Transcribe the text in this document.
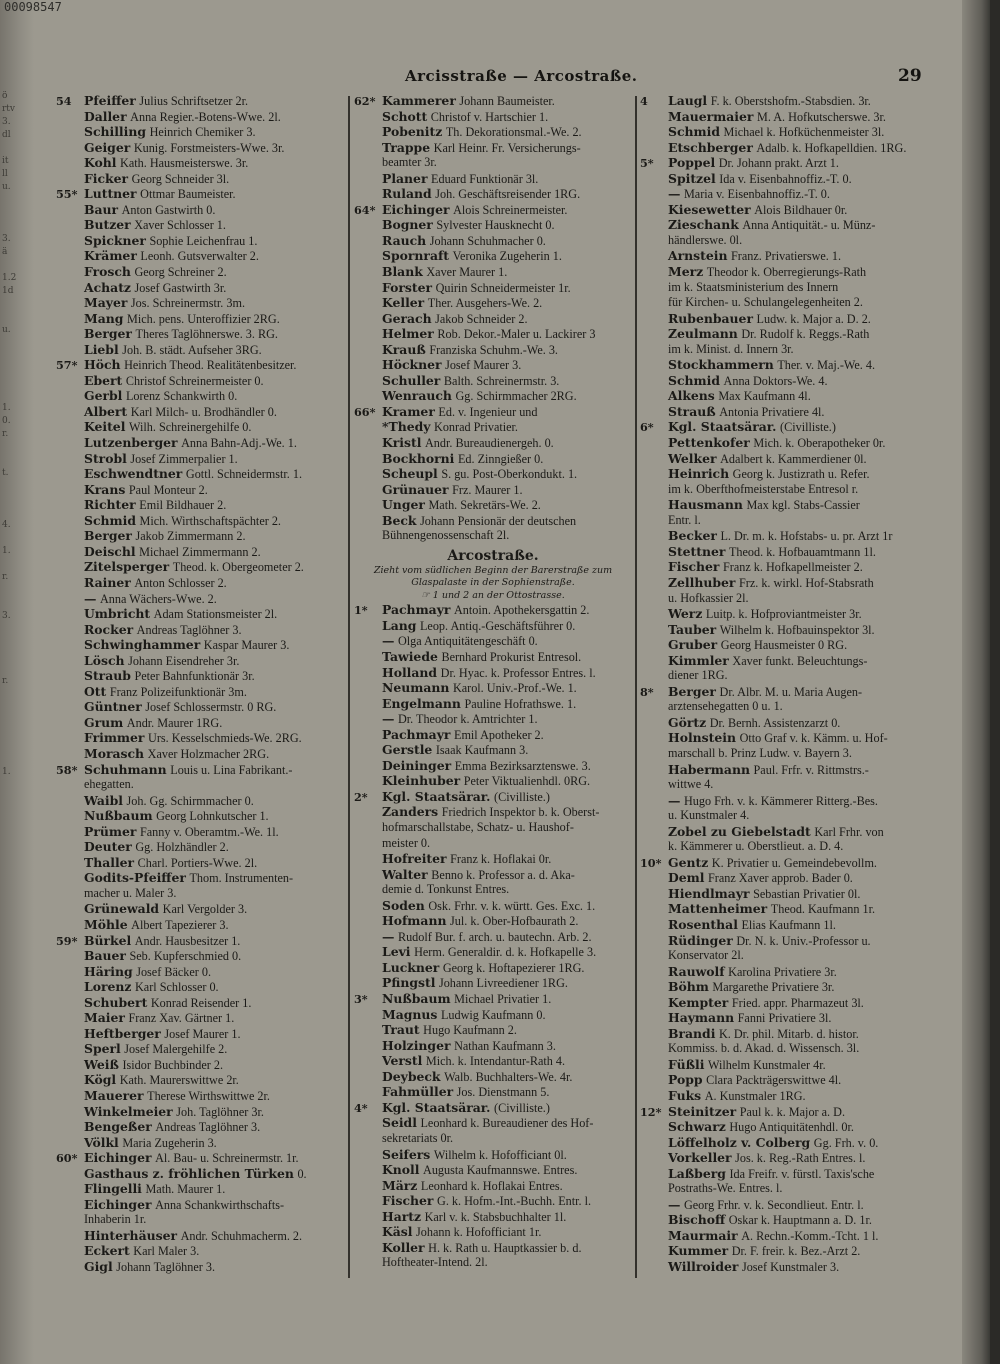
00098547
ö
rtv
3.
dl
it
ll
u.
3.
ä
1.2
1d
u.
1.
0.
r.
t.
4.
1.
r.
3.
r.
1.
Arcisstraße — Arcostraße.	29
54 Pfeiffer Julius Schriftsetzer 2r.
Daller Anna Regier.-Botens-Wwe. 2l.
Schilling Heinrich Chemiker 3.
Geiger Kunig. Forstmeisters-Wwe. 3r.
Kohl Kath. Hausmeisterswe. 3r.
Ficker Georg Schneider 3l.
55* Luttner Ottmar Baumeister.
Baur Anton Gastwirth 0.
Butzer Xaver Schlosser 1.
Spickner Sophie Leichenfrau 1.
Krämer Leonh. Gutsverwalter 2.
Frosch Georg Schreiner 2.
Achatz Josef Gastwirth 3r.
Mayer Jos. Schreinermstr. 3m.
Mang Mich. pens. Unteroffizier 2RG.
Berger Theres Taglöhnerswe. 3. RG.
Liebl Joh. B. städt. Aufseher 3RG.
57* Höch Heinrich Theod. Realitätenbesitzer.
Ebert Christof Schreinermeister 0.
Gerbl Lorenz Schankwirth 0.
Albert Karl Milch- u. Brodhändler 0.
Keitel Wilh. Schreinergehilfe 0.
Lutzenberger Anna Bahn-Adj.-We. 1.
Strobl Josef Zimmerpalier 1.
Eschwendtner Gottl. Schneidermstr. 1.
Krans Paul Monteur 2.
Richter Emil Bildhauer 2.
Schmid Mich. Wirthschaftspächter 2.
Berger Jakob Zimmermann 2.
Deischl Michael Zimmermann 2.
Zitelsperger Theod. k. Obergeometer 2.
Rainer Anton Schlosser 2.
— Anna Wächers-Wwe. 2.
Umbricht Adam Stationsmeister 2l.
Rocker Andreas Taglöhner 3.
Schwinghammer Kaspar Maurer 3.
Lösch Johann Eisendreher 3r.
Straub Peter Bahnfunktionär 3r.
Ott Franz Polizeifunktionär 3m.
Güntner Josef Schlossermstr. 0 RG.
Grum Andr. Maurer 1RG.
Frimmer Urs. Kesselschmieds-We. 2RG.
Morasch Xaver Holzmacher 2RG.
58* Schuhmann Louis u. Lina Fabrikant.-
ehegatten.
Waibl Joh. Gg. Schirmmacher 0.
Nußbaum Georg Lohnkutscher 1.
Prümer Fanny v. Oberamtm.-We. 1l.
Deuter Gg. Holzhändler 2.
Thaller Charl. Portiers-Wwe. 2l.
Godits-Pfeiffer Thom. Instrumenten-
macher u. Maler 3.
Grünewald Karl Vergolder 3.
Möhle Albert Tapezierer 3.
59* Bürkel Andr. Hausbesitzer 1.
Bauer Seb. Kupferschmied 0.
Häring Josef Bäcker 0.
Lorenz Karl Schlosser 0.
Schubert Konrad Reisender 1.
Maier Franz Xav. Gärtner 1.
Heftberger Josef Maurer 1.
Sperl Josef Malergehilfe 2.
Weiß Isidor Buchbinder 2.
Kögl Kath. Maurerswittwe 2r.
Mauerer Therese Wirthswittwe 2r.
Winkelmeier Joh. Taglöhner 3r.
Bengeßer Andreas Taglöhner 3.
Völkl Maria Zugeherin 3.
60* Eichinger Al. Bau- u. Schreinermstr. 1r.
Gasthaus z. fröhlichen Türken 0.
Flingelli Math. Maurer 1.
Eichinger Anna Schankwirthschafts-
Inhaberin 1r.
Hinterhäuser Andr. Schuhmacherm. 2.
Eckert Karl Maler 3.
Gigl Johann Taglöhner 3.
62* Kammerer Johann Baumeister.
Schott Christof v. Hartschier 1.
Pobenitz Th. Dekorationsmal.-We. 2.
Trappe Karl Heinr. Fr. Versicherungs-
beamter 3r.
Planer Eduard Funktionär 3l.
Ruland Joh. Geschäftsreisender 1RG.
64* Eichinger Alois Schreinermeister.
Bogner Sylvester Hausknecht 0.
Rauch Johann Schuhmacher 0.
Spornraft Veronika Zugeherin 1.
Blank Xaver Maurer 1.
Forster Quirin Schneidermeister 1r.
Keller Ther. Ausgehers-We. 2.
Gerach Jakob Schneider 2.
Helmer Rob. Dekor.-Maler u. Lackirer 3
Krauß Franziska Schuhm.-We. 3.
Höckner Josef Maurer 3.
Schuller Balth. Schreinermstr. 3.
Wenrauch Gg. Schirmmacher 2RG.
66* Kramer Ed. v. Ingenieur und
*Thedy Konrad Privatier.
Kristl Andr. Bureaudienergeh. 0.
Bockhorni Ed. Zinngießer 0.
Scheupl S. gu. Post-Oberkondukt. 1.
Grünauer Frz. Maurer 1.
Unger Math. Sekretärs-We. 2.
Beck Johann Pensionär der deutschen
Bühnengenossenschaft 2l.
Arcostraße.
Zieht vom südlichen Beginn der Barerstraße zum
Glaspalaste in der Sophienstraße.
☞ 1 und 2 an der Ottostrasse.
1* Pachmayr Antoin. Apothekersgattin 2.
Lang Leop. Antiq.-Geschäftsführer 0.
— Olga Antiquitätengeschäft 0.
Tawiede Bernhard Prokurist Entresol.
Holland Dr. Hyac. k. Professor Entres. l.
Neumann Karol. Univ.-Prof.-We. 1.
Engelmann Pauline Hofrathswe. 1.
— Dr. Theodor k. Amtrichter 1.
Pachmayr Emil Apotheker 2.
Gerstle Isaak Kaufmann 3.
Deininger Emma Bezirksarztenswe. 3.
Kleinhuber Peter Viktualienhdl. 0RG.
2* Kgl. Staatsärar. (Civilliste.)
Zanders Friedrich Inspektor b. k. Oberst-
hofmarschallstabe, Schatz- u. Haushof-
meister 0.
Hofreiter Franz k. Hoflakai 0r.
Walter Benno k. Professor a. d. Aka-
demie d. Tonkunst Entres.
Soden Osk. Frhr. v. k. württ. Ges. Exc. 1.
Hofmann Jul. k. Ober-Hofbaurath 2.
— Rudolf Bur. f. arch. u. bautechn. Arb. 2.
Levi Herm. Generaldir. d. k. Hofkapelle 3.
Luckner Georg k. Hoftapezierer 1RG.
Pfingstl Johann Livreediener 1RG.
3* Nußbaum Michael Privatier 1.
Magnus Ludwig Kaufmann 0.
Traut Hugo Kaufmann 2.
Holzinger Nathan Kaufmann 3.
Verstl Mich. k. Intendantur-Rath 4.
Deybeck Walb. Buchhalters-We. 4r.
Fahmüller Jos. Dienstmann 5.
4* Kgl. Staatsärar. (Civilliste.)
Seidl Leonhard k. Bureaudiener des Hof-
sekretariats 0r.
Seifers Wilhelm k. Hofofficiant 0l.
Knoll Augusta Kaufmannswe. Entres.
März Leonhard k. Hoflakai Entres.
Fischer G. k. Hofm.-Int.-Buchh. Entr. l.
Hartz Karl v. k. Stabsbuchhalter 1l.
Käsl Johann k. Hofofficiant 1r.
Koller H. k. Rath u. Hauptkassier b. d.
Hoftheater-Intend. 2l.
4 Laugl F. k. Oberstshofm.-Stabsdien. 3r.
Mauermaier M. A. Hofkutscherswe. 3r.
Schmid Michael k. Hofküchenmeister 3l.
Etschberger Adalb. k. Hofkapelldien. 1RG.
5* Poppel Dr. Johann prakt. Arzt 1.
Spitzel Ida v. Eisenbahnoffiz.-T. 0.
— Maria v. Eisenbahnoffiz.-T. 0.
Kiesewetter Alois Bildhauer 0r.
Zieschank Anna Antiquität.- u. Münz-
händlerswe. 0l.
Arnstein Franz. Privatierswe. 1.
Merz Theodor k. Oberregierungs-Rath
im k. Staatsministerium des Innern
für Kirchen- u. Schulangelegenheiten 2.
Rubenbauer Ludw. k. Major a. D. 2.
Zeulmann Dr. Rudolf k. Reggs.-Rath
im k. Minist. d. Innern 3r.
Stockhammern Ther. v. Maj.-We. 4.
Schmid Anna Doktors-We. 4.
Alkens Max Kaufmann 4l.
Strauß Antonia Privatiere 4l.
6* Kgl. Staatsärar. (Civilliste.)
Pettenkofer Mich. k. Oberapotheker 0r.
Welker Adalbert k. Kammerdiener 0l.
Heinrich Georg k. Justizrath u. Refer.
im k. Oberfthofmeisterstabe Entresol r.
Hausmann Max kgl. Stabs-Cassier
Entr. l.
Becker L. Dr. m. k. Hofstabs- u. pr. Arzt 1r
Stettner Theod. k. Hofbauamtmann 1l.
Fischer Franz k. Hofkapellmeister 2.
Zellhuber Frz. k. wirkl. Hof-Stabsrath
u. Hofkassier 2l.
Werz Luitp. k. Hofproviantmeister 3r.
Tauber Wilhelm k. Hofbauinspektor 3l.
Gruber Georg Hausmeister 0 RG.
Kimmler Xaver funkt. Beleuchtungs-
diener 1RG.
8* Berger Dr. Albr. M. u. Maria Augen-
arztensehegatten 0 u. 1.
Görtz Dr. Bernh. Assistenzarzt 0.
Holnstein Otto Graf v. k. Kämm. u. Hof-
marschall b. Prinz Ludw. v. Bayern 3.
Habermann Paul. Frfr. v. Rittmstrs.-
wittwe 4.
— Hugo Frh. v. k. Kämmerer Ritterg.-Bes.
u. Kunstmaler 4.
Zobel zu Giebelstadt Karl Frhr. von
k. Kämmerer u. Oberstlieut. a. D. 4.
10* Gentz K. Privatier u. Gemeindebevollm.
Deml Franz Xaver approb. Bader 0.
Hiendlmayr Sebastian Privatier 0l.
Mattenheimer Theod. Kaufmann 1r.
Rosenthal Elias Kaufmann 1l.
Rüdinger Dr. N. k. Univ.-Professor u.
Konservator 2l.
Rauwolf Karolina Privatiere 3r.
Böhm Margarethe Privatiere 3r.
Kempter Fried. appr. Pharmazeut 3l.
Haymann Fanni Privatiere 3l.
Brandi K. Dr. phil. Mitarb. d. histor.
Kommiss. b. d. Akad. d. Wissensch. 3l.
Füßli Wilhelm Kunstmaler 4r.
Popp Clara Packträgerswittwe 4l.
Fuks A. Kunstmaler 1RG.
12* Steinitzer Paul k. k. Major a. D.
Schwarz Hugo Antiquitätenhdl. 0r.
Löffelholz v. Colberg Gg. Frh. v. 0.
Vorkeller Jos. k. Reg.-Rath Entres. l.
Laßberg Ida Freifr. v. fürstl. Taxis'sche
Postraths-We. Entres. l.
— Georg Frhr. v. k. Secondlieut. Entr. l.
Bischoff Oskar k. Hauptmann a. D. 1r.
Maurmair A. Rechn.-Komm.-Tcht. 1 l.
Kummer Dr. F. freir. k. Bez.-Arzt 2.
Willroider Josef Kunstmaler 3.
